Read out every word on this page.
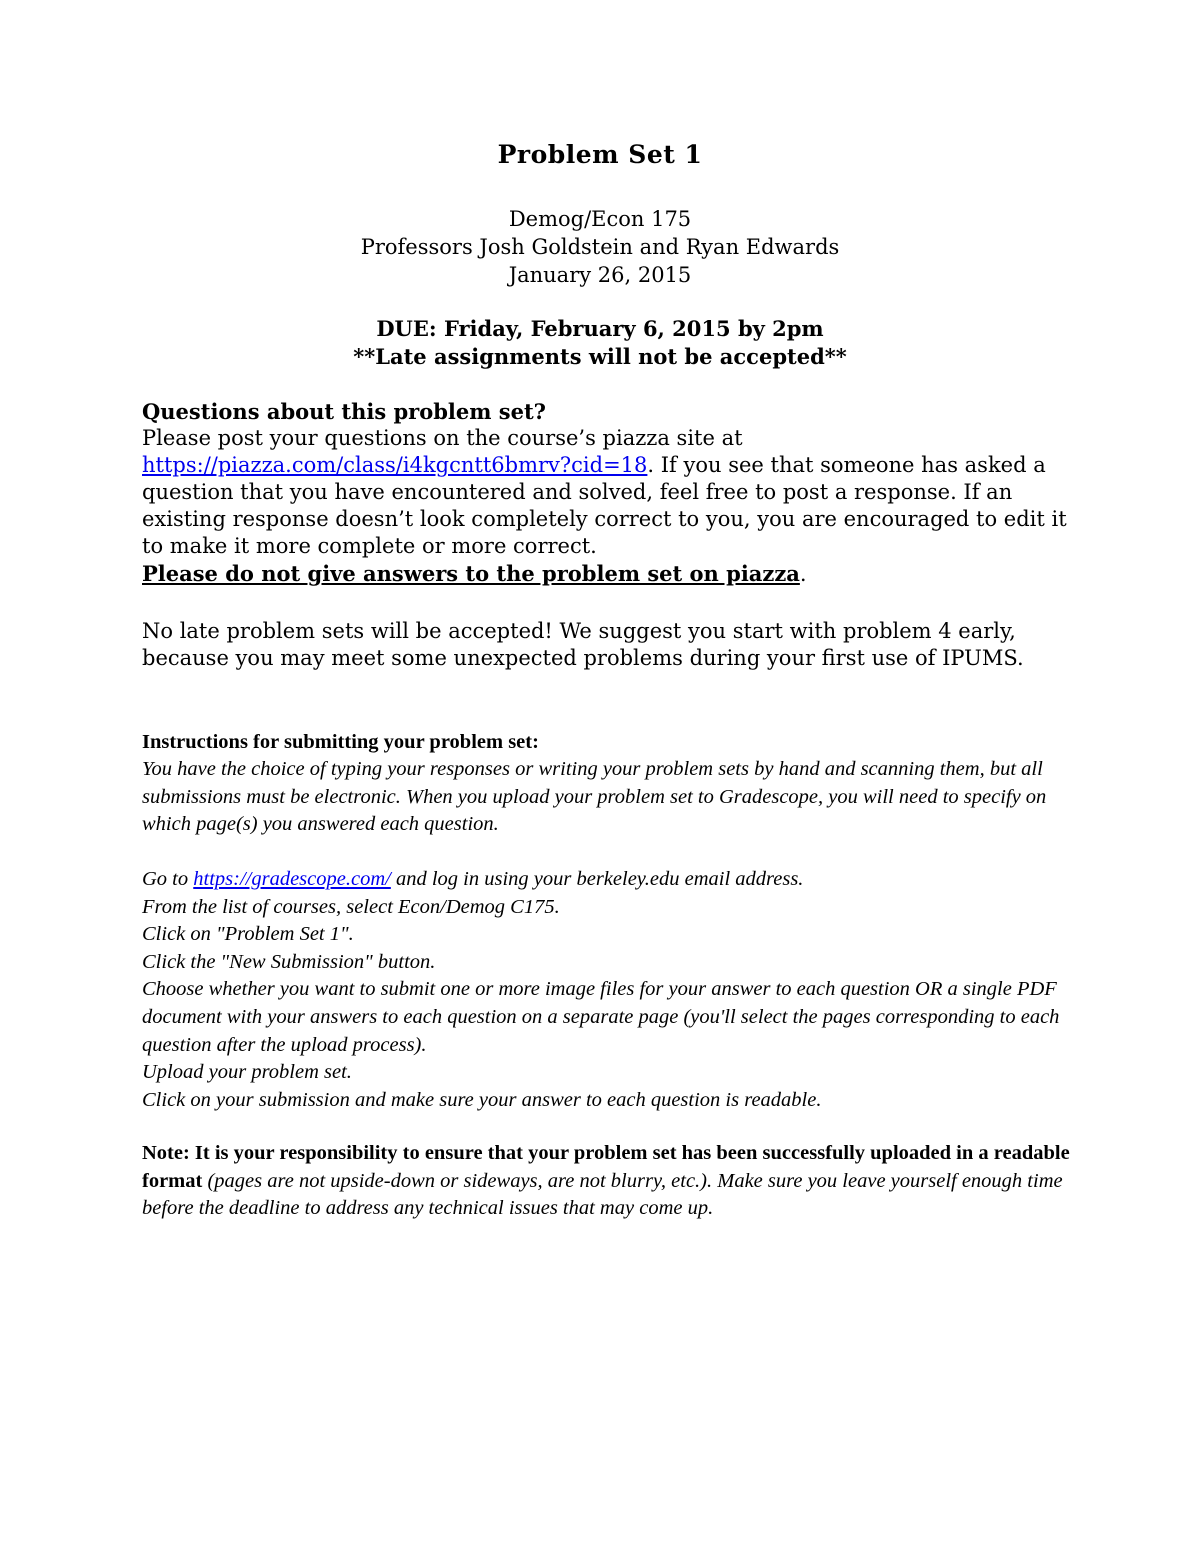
Problem Set 1
Demog/Econ 175
Professors Josh Goldstein and Ryan Edwards
January 26, 2015
DUE: Friday, February 6, 2015 by 2pm
**Late assignments will not be accepted**
Questions about this problem set?

Please post your questions on the course’s piazza site at https://piazza.com/class/i4kgcntt6bmrv?cid=18. If you see that someone has asked a question that you have encountered and solved, feel free to post a response. If an existing response doesn’t look completely correct to you, you are encouraged to edit it to make it more complete or more correct.

Please do not give answers to the problem set on piazza.

No late problem sets will be accepted! We suggest you start with problem 4 early, because you may meet some unexpected problems during your first use of IPUMS.
Instructions for submitting your problem set:
You have the choice of typing your responses or writing your problem sets by hand and scanning them, but all submissions must be electronic. When you upload your problem set to Gradescope, you will need to specify on which page(s) you answered each question.
Go to https://gradescope.com/ and log in using your berkeley.edu email address.
From the list of courses, select Econ/Demog C175.
Click on "Problem Set 1".
Click the "New Submission" button.
Choose whether you want to submit one or more image files for your answer to each question OR a single PDF document with your answers to each question on a separate page (you'll select the pages corresponding to each question after the upload process).
Upload your problem set.
Click on your submission and make sure your answer to each question is readable.
Note: It is your responsibility to ensure that your problem set has been successfully uploaded in a readable format (pages are not upside-down or sideways, are not blurry, etc.). Make sure you leave yourself enough time before the deadline to address any technical issues that may come up.
